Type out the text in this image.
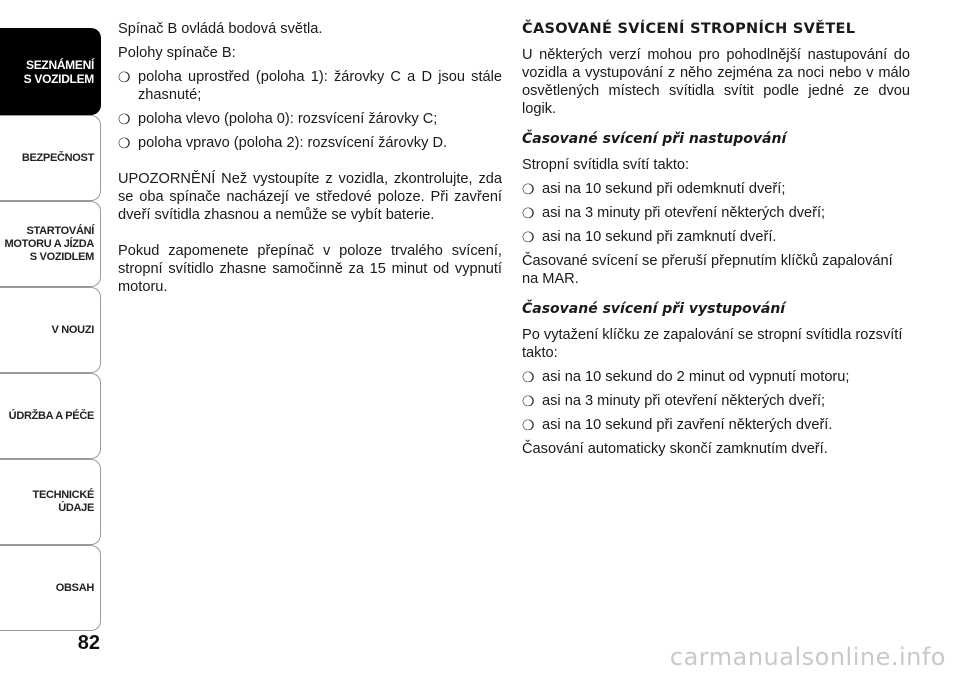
SEZNÁMENÍ
S VOZIDLEM
BEZPEČNOST
STARTOVÁNÍ
MOTORU A JÍZDA
S VOZIDLEM
V NOUZI
ÚDRŽBA A PÉČE
TECHNICKÉ
ÚDAJE
OBSAH
82

Spínač B ovládá bodová světla.

Polohy spínače B:

❍ poloha uprostřed (poloha 1): žárovky C a D jsou stále zhasnuté;
❍ poloha vlevo (poloha 0): rozsvícení žárovky C;
❍ poloha vpravo (poloha 2): rozsvícení žárovky D.

UPOZORNĚNÍ Než vystoupíte z vozidla, zkontrolujte, zda se oba spínače nacházejí ve středové poloze. Při zavření dveří svítidla zhasnou a nemůže se vybít baterie.

Pokud zapomenete přepínač v poloze trvalého svícení, stropní svítidlo zhasne samočinně za 15 minut od vypnutí motoru.

ČASOVANÉ SVÍCENÍ STROPNÍCH SVĚTEL

U některých verzí mohou pro pohodlnější nastupování do vozidla a vystupování z něho zejména za noci nebo v málo osvětlených místech svítidla svítit podle jedné ze dvou logik.

Časované svícení při nastupování

Stropní svítidla svítí takto:

❍ asi na 10 sekund při odemknutí dveří;
❍ asi na 3 minuty při otevření některých dveří;
❍ asi na 10 sekund při zamknutí dveří.

Časované svícení se přeruší přepnutím klíčků zapalování na MAR.

Časované svícení při vystupování

Po vytažení klíčku ze zapalování se stropní svítidla rozsvítí takto:

❍ asi na 10 sekund do 2 minut od vypnutí motoru;
❍ asi na 3 minuty při otevření některých dveří;
❍ asi na 10 sekund při zavření některých dveří.

Časování automaticky skončí zamknutím dveří.

carmanualsonline.info
